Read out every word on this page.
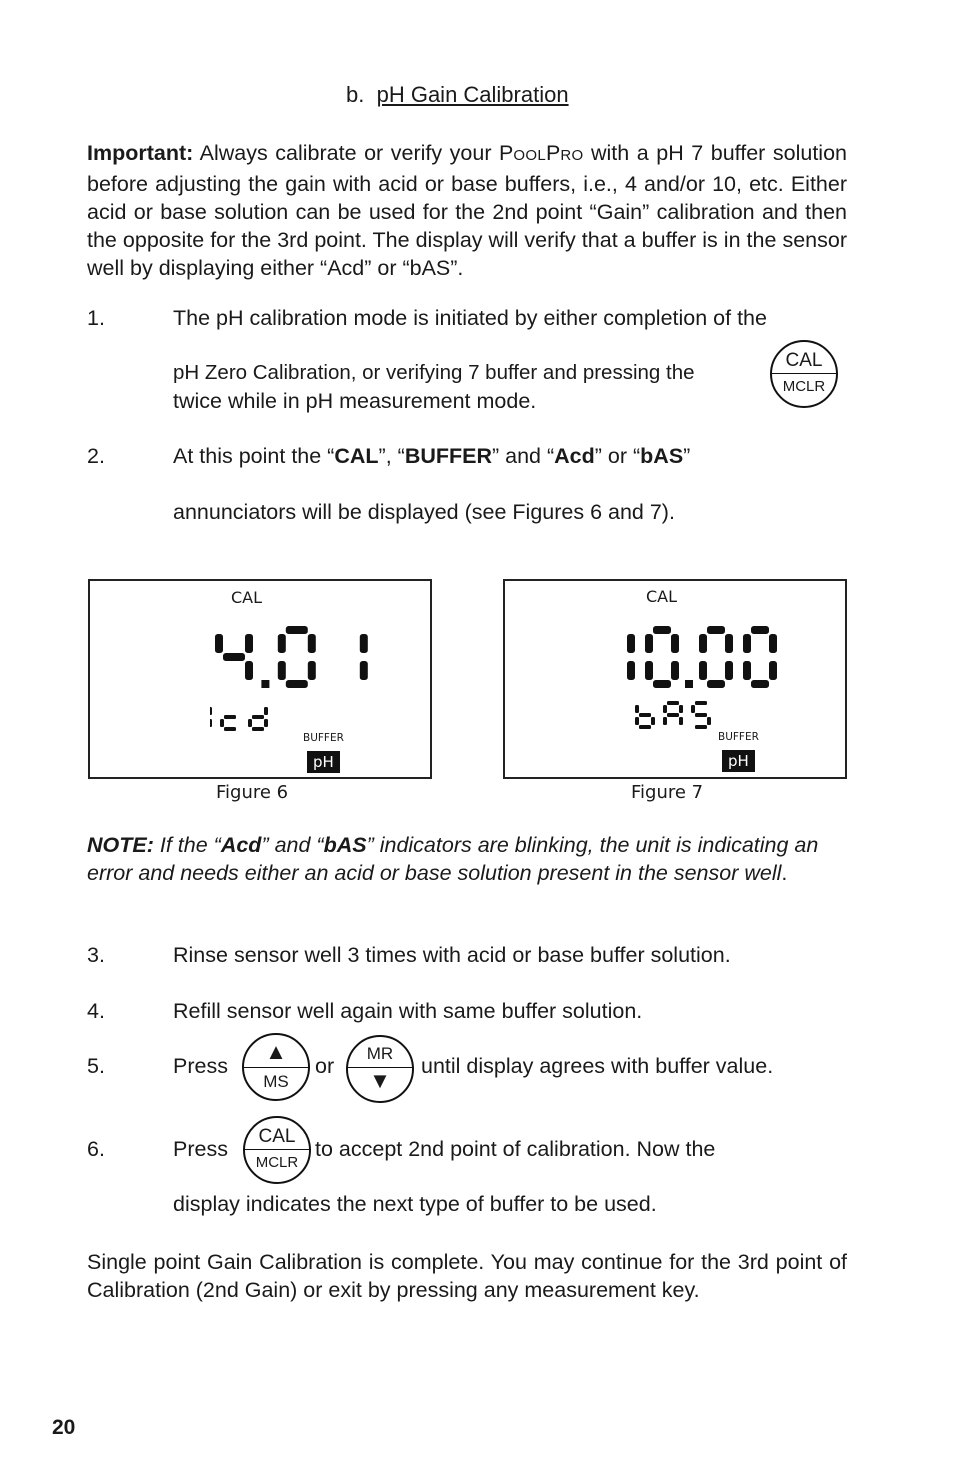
b. pH Gain Calibration
Important: Always calibrate or verify your POOLPRO with a pH 7 buffer solution before adjusting the gain with acid or base buffers, i.e., 4 and/or 10, etc. Either acid or base solution can be used for the 2nd point “Gain” calibration and then the opposite for the 3rd point. The display will verify that a buffer is in the sensor well by displaying either “Acd” or “bAS”.
1.	The pH calibration mode is initiated by either completion of the
pH Zero Calibration, or verifying 7 buffer and pressing the
twice while in pH measurement mode.
CAL
MCLR
2.	At this point the “CAL”, “BUFFER” and “Acd” or “bAS”
annunciators will be displayed (see Figures 6 and 7).
CAL
BUFFER
pH
Figure 6
CAL
BUFFER
pH
Figure 7
NOTE: If the “Acd” and “bAS” indicators are blinking, the unit is indicating an error and needs either an acid or base solution present in the sensor well.
3.	Rinse sensor well 3 times with acid or base buffer solution.
4.	Refill sensor well again with same buffer solution.
5.	Press
▲
MS
or
MR
▼
until display agrees with buffer value.
6.	Press
CAL
MCLR
to accept 2nd point of calibration. Now the
display indicates the next type of buffer to be used.
Single point Gain Calibration is complete. You may continue for the 3rd point of Calibration (2nd Gain) or exit by pressing any measurement key.
20
